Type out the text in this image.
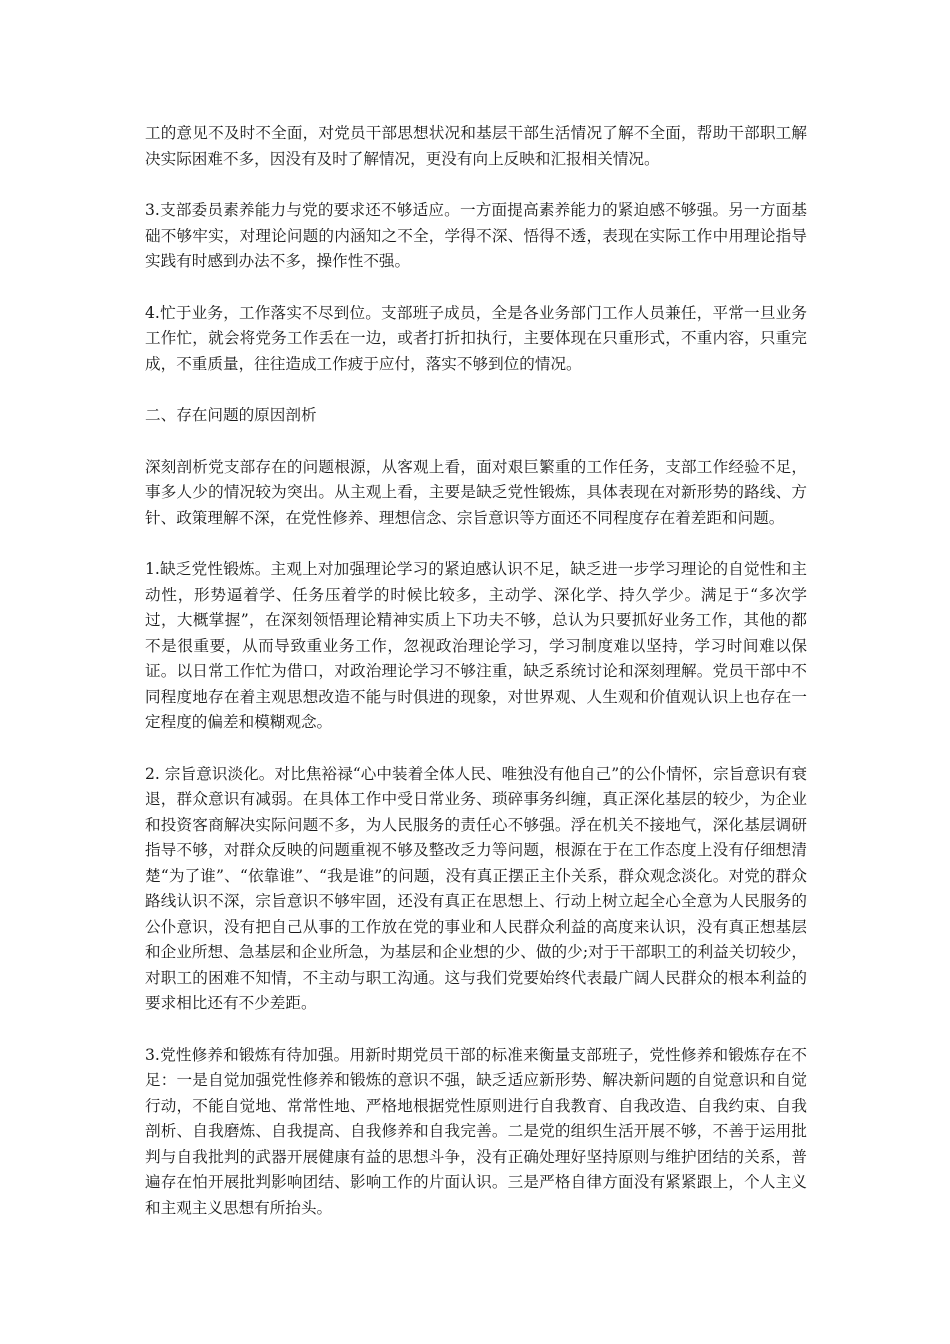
工的意见不及时不全面，对党员干部思想状况和基层干部生活情况了解不全面，帮助干部职工解决实际困难不多，因没有及时了解情况，更没有向上反映和汇报相关情况。

3.支部委员素养能力与党的要求还不够适应。一方面提高素养能力的紧迫感不够强。另一方面基础不够牢实，对理论问题的内涵知之不全，学得不深、悟得不透，表现在实际工作中用理论指导实践有时感到办法不多，操作性不强。

4.忙于业务，工作落实不尽到位。支部班子成员，全是各业务部门工作人员兼任，平常一旦业务工作忙，就会将党务工作丢在一边，或者打折扣执行，主要体现在只重形式，不重内容，只重完成，不重质量，往往造成工作疲于应付，落实不够到位的情况。

二、存在问题的原因剖析

深刻剖析党支部存在的问题根源，从客观上看，面对艰巨繁重的工作任务，支部工作经验不足，事多人少的情况较为突出。从主观上看，主要是缺乏党性锻炼，具体表现在对新形势的路线、方针、政策理解不深，在党性修养、理想信念、宗旨意识等方面还不同程度存在着差距和问题。

1.缺乏党性锻炼。主观上对加强理论学习的紧迫感认识不足，缺乏进一步学习理论的自觉性和主动性，形势逼着学、任务压着学的时候比较多，主动学、深化学、持久学少。满足于“多次学过，大概掌握”，在深刻领悟理论精神实质上下功夫不够，总认为只要抓好业务工作，其他的都不是很重要，从而导致重业务工作，忽视政治理论学习，学习制度难以坚持，学习时间难以保证。以日常工作忙为借口，对政治理论学习不够注重，缺乏系统讨论和深刻理解。党员干部中不同程度地存在着主观思想改造不能与时俱进的现象，对世界观、人生观和价值观认识上也存在一定程度的偏差和模糊观念。

2. 宗旨意识淡化。对比焦裕禄“心中装着全体人民、唯独没有他自己”的公仆情怀，宗旨意识有衰退，群众意识有减弱。在具体工作中受日常业务、琐碎事务纠缠，真正深化基层的较少，为企业和投资客商解决实际问题不多，为人民服务的责任心不够强。浮在机关不接地气，深化基层调研指导不够，对群众反映的问题重视不够及整改乏力等问题，根源在于在工作态度上没有仔细想清楚“为了谁”、“依靠谁”、“我是谁”的问题，没有真正摆正主仆关系，群众观念淡化。对党的群众路线认识不深，宗旨意识不够牢固，还没有真正在思想上、行动上树立起全心全意为人民服务的公仆意识，没有把自己从事的工作放在党的事业和人民群众利益的高度来认识，没有真正想基层和企业所想、急基层和企业所急，为基层和企业想的少、做的少;对于干部职工的利益关切较少，对职工的困难不知情，不主动与职工沟通。这与我们党要始终代表最广阔人民群众的根本利益的要求相比还有不少差距。

3.党性修养和锻炼有待加强。用新时期党员干部的标准来衡量支部班子，党性修养和锻炼存在不足：一是自觉加强党性修养和锻炼的意识不强，缺乏适应新形势、解决新问题的自觉意识和自觉行动，不能自觉地、常常性地、严格地根据党性原则进行自我教育、自我改造、自我约束、自我剖析、自我磨炼、自我提高、自我修养和自我完善。二是党的组织生活开展不够，不善于运用批判与自我批判的武器开展健康有益的思想斗争，没有正确处理好坚持原则与维护团结的关系，普遍存在怕开展批判影响团结、影响工作的片面认识。三是严格自律方面没有紧紧跟上，个人主义和主观主义思想有所抬头。
